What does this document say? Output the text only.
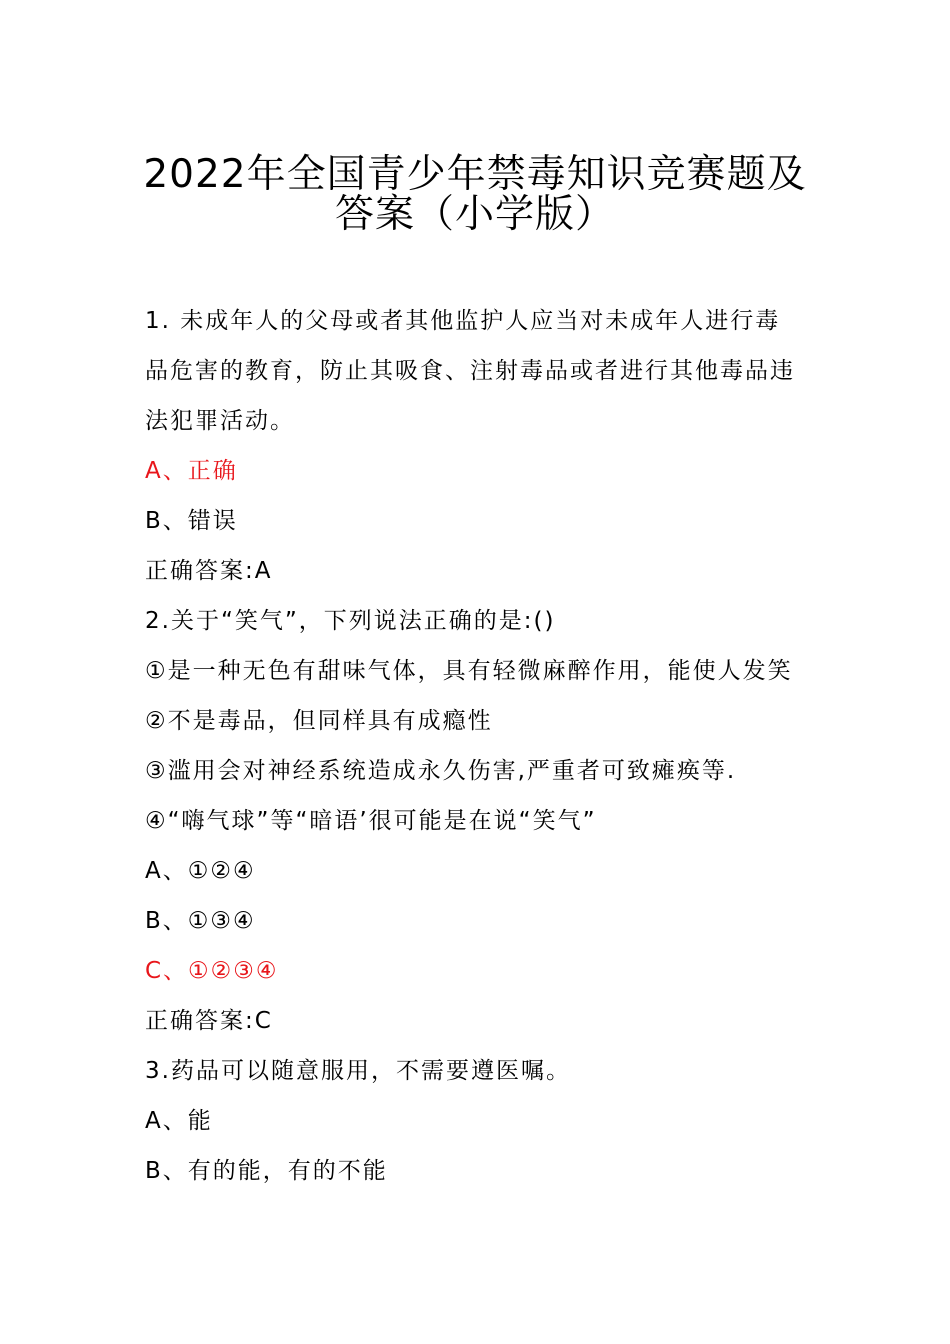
2022年全国青少年禁毒知识竞赛题及
答案（小学版）
1. 未成年人的父母或者其他监护人应当对未成年人进行毒
品危害的教育，防止其吸食、注射毒品或者进行其他毒品违
法犯罪活动。
A、正确
B、错误
正确答案:A
2.关于“笑气”，下列说法正确的是:()
①是一种无色有甜味气体，具有轻微麻醉作用，能使人发笑
②不是毒品，但同样具有成瘾性
③滥用会对神经系统造成永久伤害,严重者可致瘫痪等.
④“嗨气球”等“暗语’很可能是在说“笑气”
A、①②④
B、①③④
C、①②③④
正确答案:C
3.药品可以随意服用，不需要遵医嘱。
A、能
B、有的能，有的不能
